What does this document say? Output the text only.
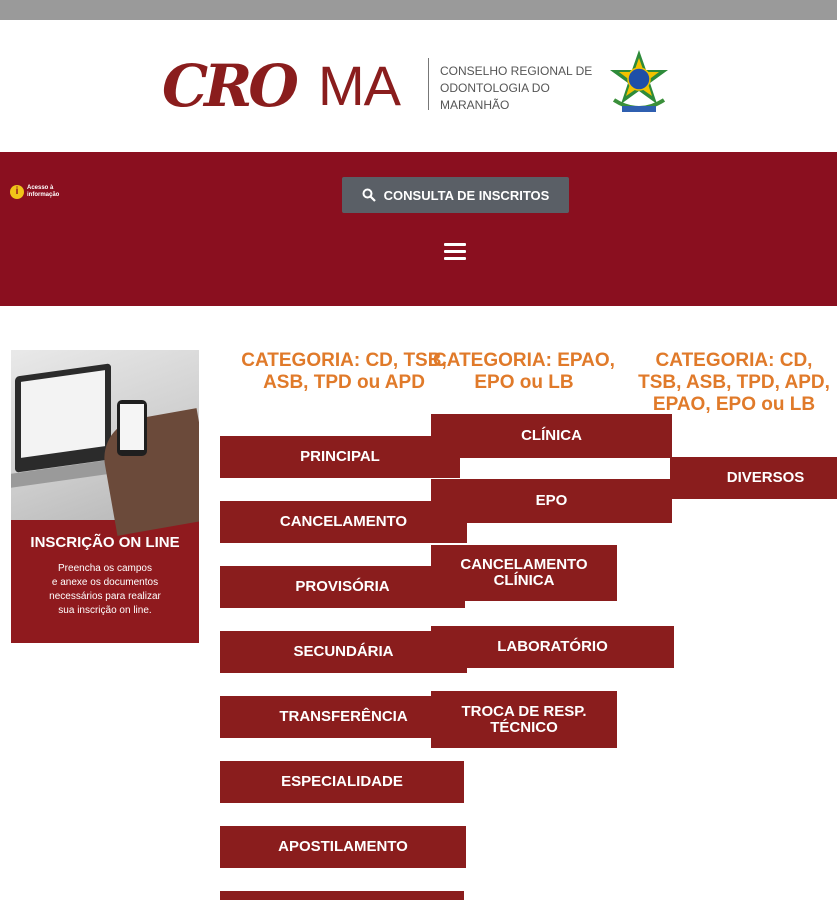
CRO MA	CONSELHO REGIONAL DE
ODONTOLOGIA DO
MARANHÃO
i	Acesso à
informação	CONSULTA DE INSCRITOS
INSCRIÇÃO ON LINE
Preencha os campos
e anexe os documentos
necessários para realizar
sua inscrição on line.
CATEGORIA: CD, TSB, ASB, TPD ou APD
PRINCIPAL
CANCELAMENTO
PROVISÓRIA
SECUNDÁRIA
TRANSFERÊNCIA
ESPECIALIDADE
APOSTILAMENTO
CATEGORIA: EPAO, EPO ou LB
CLÍNICA
EPO
CANCELAMENTO CLÍNICA
LABORATÓRIO
TROCA DE RESP. TÉCNICO
CATEGORIA: CD, TSB, ASB, TPD, APD, EPAO, EPO ou LB
DIVERSOS
